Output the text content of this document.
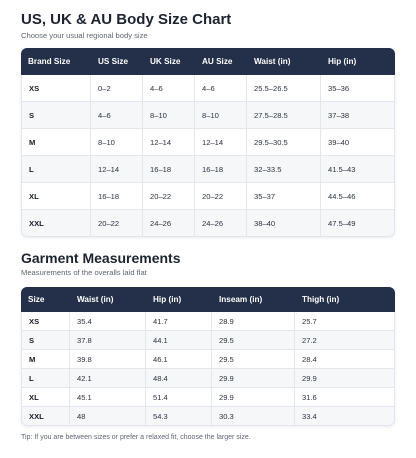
US, UK & AU Body Size Chart
Choose your usual regional body size
Brand Size	US Size	UK Size	AU Size	Waist (in)	Hip (in)
XS	0–2	4–6	4–6	25.5–26.5	35–36
S	4–6	8–10	8–10	27.5–28.5	37–38
M	8–10	12–14	12–14	29.5–30.5	39–40
L	12–14	16–18	16–18	32–33.5	41.5–43
XL	16–18	20–22	20–22	35–37	44.5–46
XXL	20–22	24–26	24–26	38–40	47.5–49
Garment Measurements
Measurements of the overalls laid flat
Size	Waist (in)	Hip (in)	Inseam (in)	Thigh (in)
XS	35.4	41.7	28.9	25.7
S	37.8	44.1	29.5	27.2
M	39.8	46.1	29.5	28.4
L	42.1	48.4	29.9	29.9
XL	45.1	51.4	29.9	31.6
XXL	48	54.3	30.3	33.4
Tip: If you are between sizes or prefer a relaxed fit, choose the larger size.
